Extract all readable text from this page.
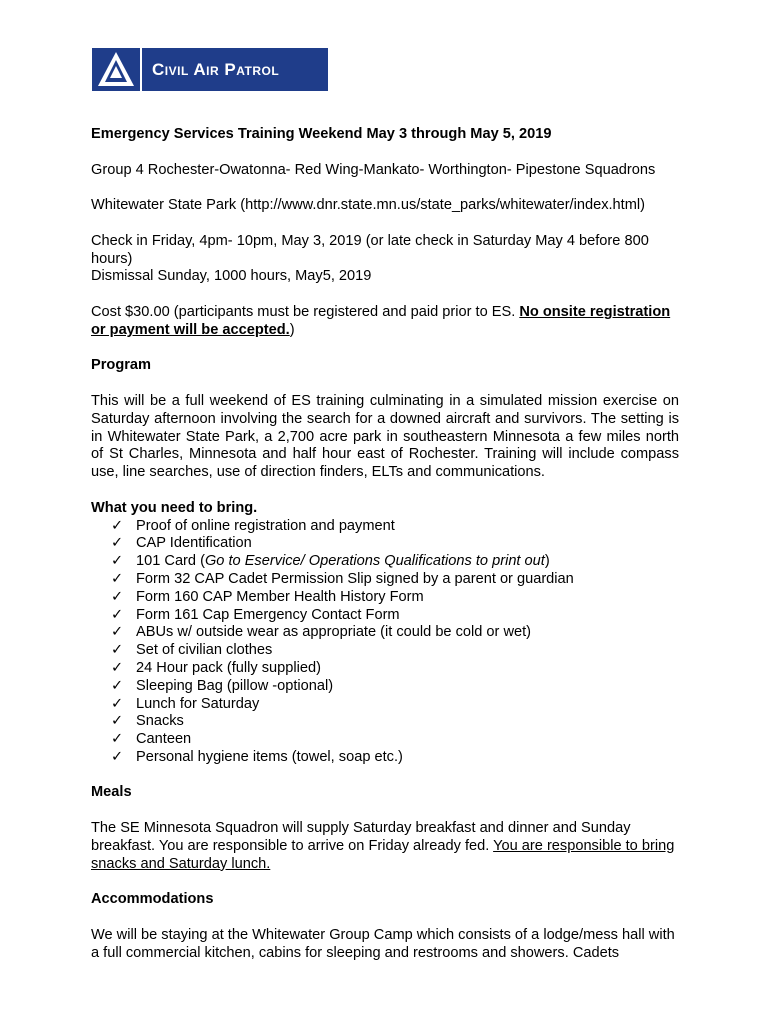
Civil Air Patrol

Emergency Services Training Weekend May 3 through May 5, 2019

Group 4 Rochester-Owatonna- Red Wing-Mankato- Worthington- Pipestone Squadrons

Whitewater State Park (http://www.dnr.state.mn.us/state_parks/whitewater/index.html)

Check in Friday, 4pm- 10pm, May 3, 2019 (or late check in Saturday May 4 before 800 hours)

Dismissal Sunday, 1000 hours, May5, 2019

Cost $30.00 (participants must be registered and paid prior to ES. No onsite registration or payment will be accepted.)

Program

This will be a full weekend of ES training culminating in a simulated mission exercise on Saturday afternoon involving the search for a downed aircraft and survivors. The setting is in Whitewater State Park, a 2,700 acre park in southeastern Minnesota a few miles north of St Charles, Minnesota and half hour east of Rochester. Training will include compass use, line searches, use of direction finders, ELTs and communications.

What you need to bring.

✓ Proof of online registration and payment
✓ CAP Identification
✓ 101 Card (Go to Eservice/ Operations Qualifications to print out)
✓ Form 32 CAP Cadet Permission Slip signed by a parent or guardian
✓ Form 160 CAP Member Health History Form
✓ Form 161 Cap Emergency Contact Form
✓ ABUs w/ outside wear as appropriate (it could be cold or wet)
✓ Set of civilian clothes
✓ 24 Hour pack (fully supplied)
✓ Sleeping Bag (pillow -optional)
✓ Lunch for Saturday
✓ Snacks
✓ Canteen
✓ Personal hygiene items (towel, soap etc.)

Meals

The SE Minnesota Squadron will supply Saturday breakfast and dinner and Sunday breakfast. You are responsible to arrive on Friday already fed. You are responsible to bring snacks and Saturday lunch.

Accommodations

We will be staying at the Whitewater Group Camp which consists of a lodge/mess hall with a full commercial kitchen, cabins for sleeping and restrooms and showers. Cadets
